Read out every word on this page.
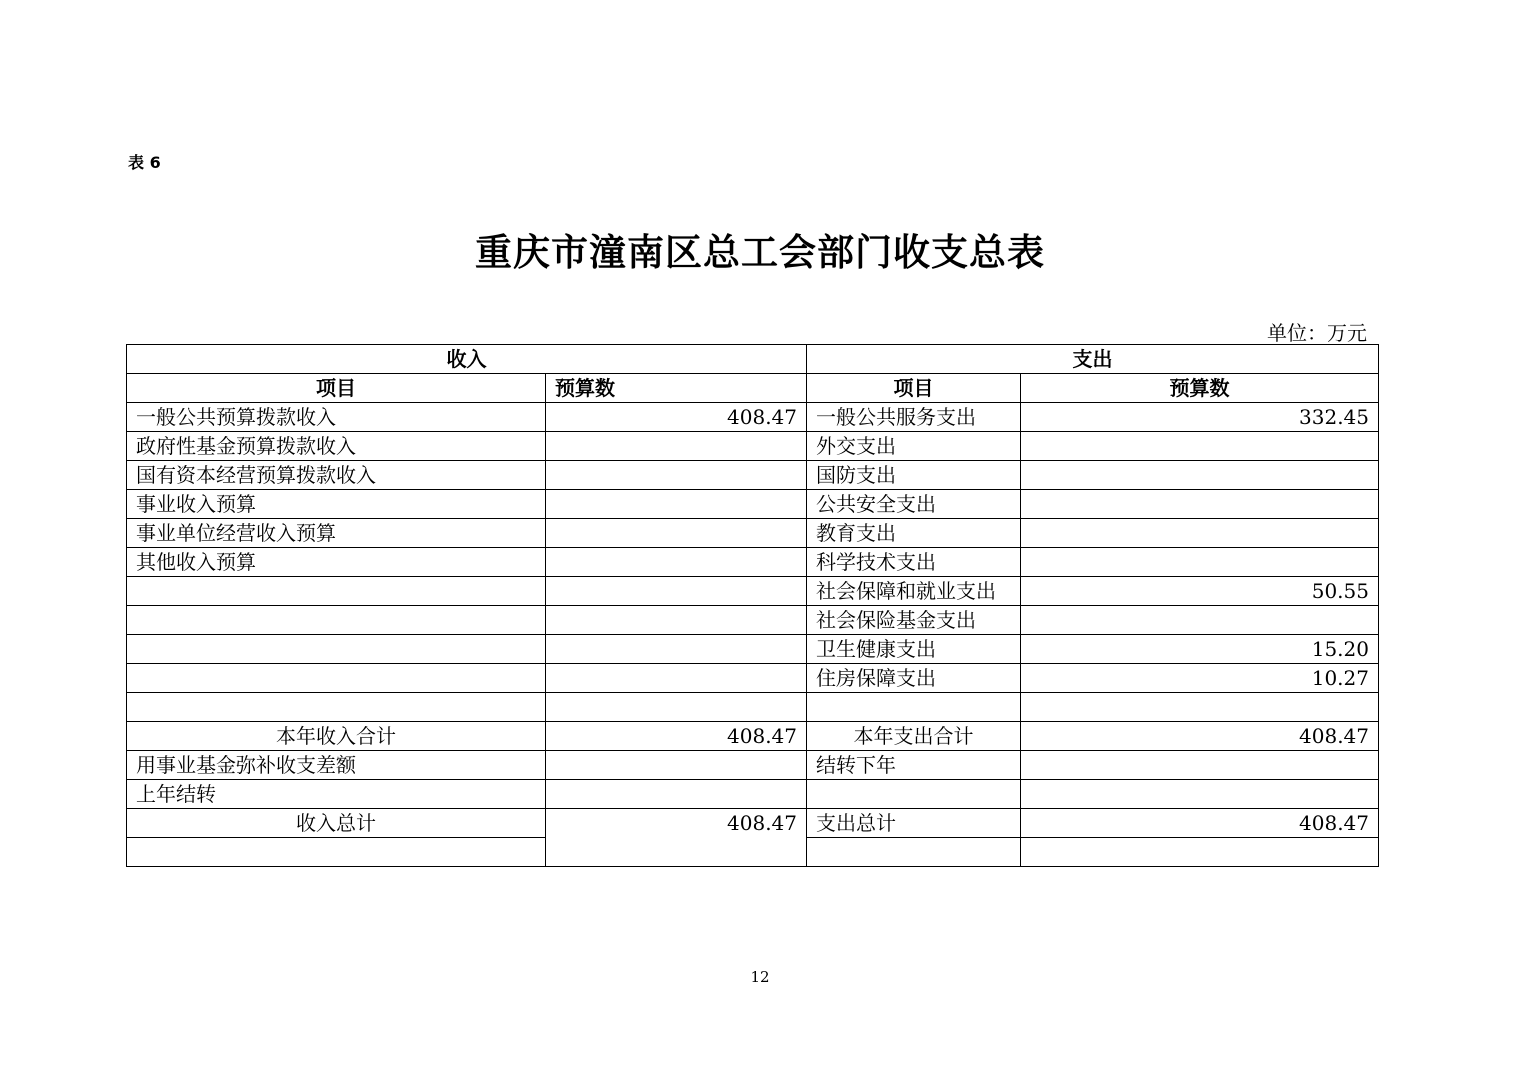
表 6
重庆市潼南区总工会部门收支总表
单位：万元
收入		支出	
项目	预算数	项目	预算数
一般公共预算拨款收入	408.47	一般公共服务支出	332.45
政府性基金预算拨款收入		外交支出	
国有资本经营预算拨款收入		国防支出	
事业收入预算		公共安全支出	
事业单位经营收入预算		教育支出	
其他收入预算		科学技术支出	
		社会保障和就业支出	50.55
		社会保险基金支出	
		卫生健康支出	15.20
		住房保障支出	10.27

本年收入合计	408.47	本年支出合计	408.47
用事业基金弥补收支差额		结转下年	
上年结转			
收入总计	408.47	支出总计	408.47

12
